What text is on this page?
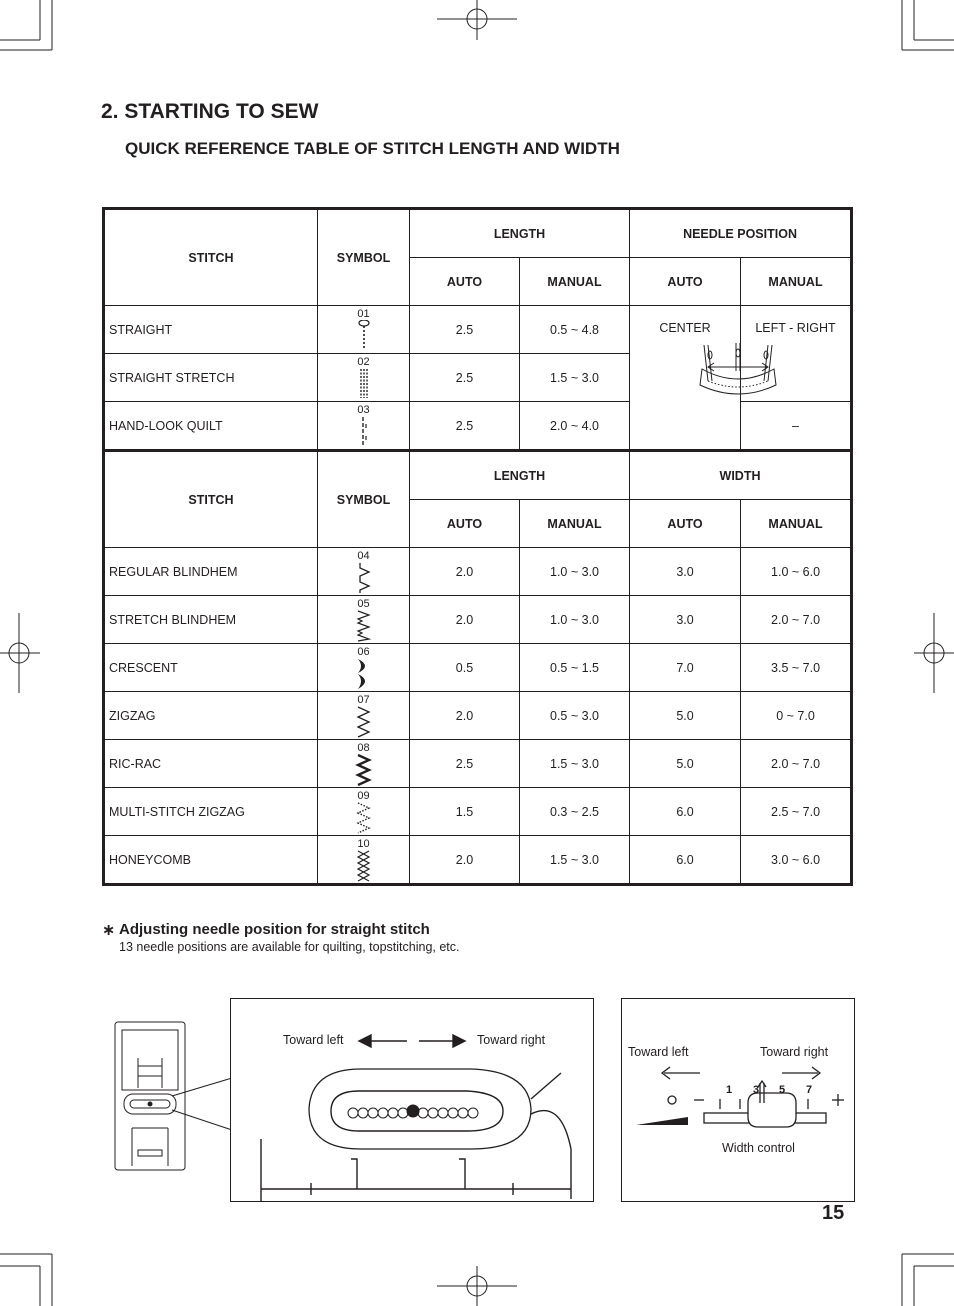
2. STARTING TO SEW
QUICK REFERENCE TABLE OF STITCH LENGTH AND WIDTH
STITCH	SYMBOL	LENGTH		NEEDLE POSITION	
		AUTO	MANUAL	AUTO	MANUAL
STRAIGHT	01	2.5	0.5 ~ 4.8	CENTER	LEFT - RIGHT

STRAIGHT STRETCH	02	2.5	1.5 ~ 3.0		
HAND-LOOK QUILT	03	2.5	2.0 ~ 4.0		–
STITCH	SYMBOL	LENGTH		WIDTH	
		AUTO	MANUAL	AUTO	MANUAL
REGULAR BLINDHEM	04	2.0	1.0 ~ 3.0	3.0	1.0 ~ 6.0
STRETCH BLINDHEM	05	2.0	1.0 ~ 3.0	3.0	2.0 ~ 7.0
CRESCENT	06	0.5	0.5 ~ 1.5	7.0	3.5 ~ 7.0
ZIGZAG	07	2.0	0.5 ~ 3.0	5.0	0 ~ 7.0
RIC-RAC	08	2.5	1.5 ~ 3.0	5.0	2.0 ~ 7.0
MULTI-STITCH ZIGZAG	09	1.5	0.3 ~ 2.5	6.0	2.5 ~ 7.0
HONEYCOMB	10	2.0	1.5 ~ 3.0	6.0	3.0 ~ 6.0
∗ Adjusting needle position for straight stitch
13 needle positions are available for quilting, topstitching, etc.
Toward left	Toward right
Toward left	Toward right
1 3 5 7
Width control
15
